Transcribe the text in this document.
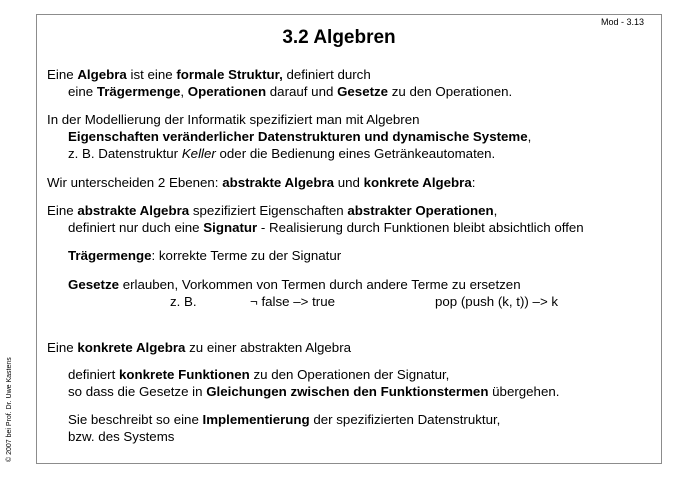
Mod - 3.13
3.2 Algebren
© 2007 bei Prof. Dr. Uwe Kastens
Eine Algebra ist eine formale Struktur, definiert durch
eine Trägermenge, Operationen darauf und Gesetze zu den Operationen.
In der Modellierung der Informatik spezifiziert man mit Algebren
Eigenschaften veränderlicher Datenstrukturen und dynamische Systeme,
z. B. Datenstruktur Keller oder die Bedienung eines Getränkeautomaten.
Wir unterscheiden 2 Ebenen: abstrakte Algebra und konkrete Algebra:
Eine abstrakte Algebra spezifiziert Eigenschaften abstrakter Operationen,
definiert nur duch eine Signatur - Realisierung durch Funktionen bleibt absichtlich offen
Trägermenge: korrekte Terme zu der Signatur
Gesetze erlauben, Vorkommen von Termen durch andere Terme zu ersetzen
z. B.	¬ false –> true	pop (push (k, t)) –> k
Eine konkrete Algebra zu einer abstrakten Algebra
definiert konkrete Funktionen zu den Operationen der Signatur,
so dass die Gesetze in Gleichungen zwischen den Funktionstermen übergehen.
Sie beschreibt so eine Implementierung der spezifizierten Datenstruktur,
bzw. des Systems
